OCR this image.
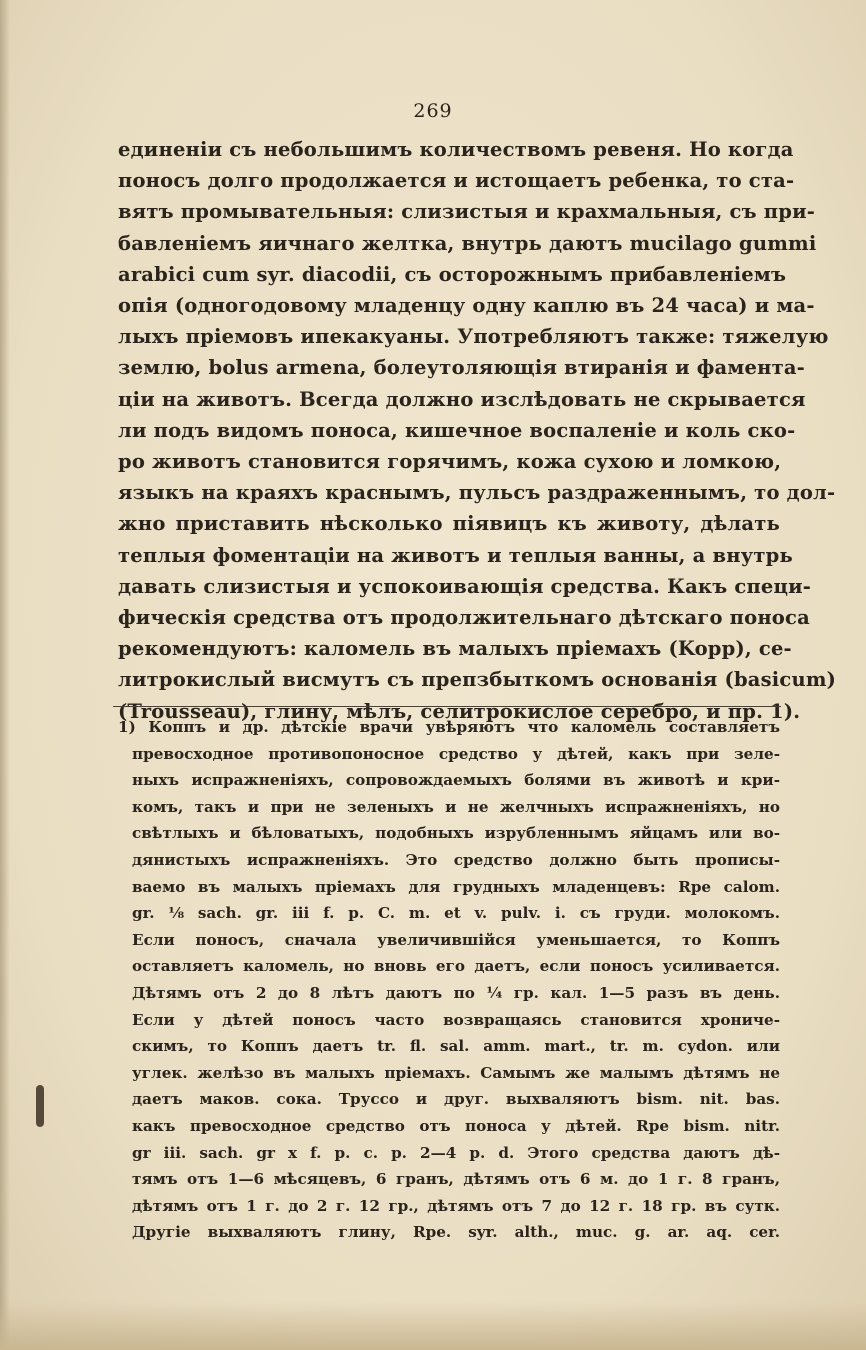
269
единенiи съ небольшимъ количествомъ ревеня. Но когда
поносъ долго продолжается и истощаетъ ребенка, то ста-
вятъ промывательныя: слизистыя и крахмальныя, съ при-
бавленiемъ яичнаго желтка, внутрь даютъ mucilago gummi
arabici cum syr. diacodii, съ осторожнымъ прибавленiемъ
опiя (одногодовому младенцу одну каплю въ 24 часа) и ма-
лыхъ прiемовъ ипекакуаны. Употребляютъ также: тяжелую
землю, bolus armena, болеутоляющiя втиранiя и фамента-
цiи на животъ. Всегда должно изслѣдовать не скрывается
ли подъ видомъ поноса, кишечное воспаленiе и коль ско-
ро животъ становится горячимъ, кожа сухою и ломкою,
языкъ на краяхъ краснымъ, пульсъ раздраженнымъ, то дол-
жно приставить нѣсколько пiявицъ къ животу, дѣлать
теплыя фоментацiи на животъ и теплыя ванны, а внутрь
давать слизистыя и успокоивающiя средства. Какъ специ-
фическiя средства отъ продолжительнаго дѣтскаго поноса
рекомендуютъ: каломель въ малыхъ прiемахъ (Kopp), се-
литрокислый висмутъ съ препзбыткомъ основанiя (basicum)
(Trousseau), глину, мѣлъ, селитрокислое серебро, и пр. 1).
1) Коппъ и др. дѣтскiе врачи увѣряютъ что каломель составляетъ
превосходное противопоносное средство у дѣтей, какъ при зеле-
ныхъ испражненiяхъ, сопровождаемыхъ болями въ животѣ и кри-
комъ, такъ и при не зеленыхъ и не желчныхъ испражненiяхъ, но
свѣтлыхъ и бѣловатыхъ, подобныхъ изрубленнымъ яйцамъ или во-
дянистыхъ испражненiяхъ. Это средство должно быть прописы-
ваемо въ малыхъ прiемахъ для грудныхъ младенцевъ: Rpe calom.
gr. ⅛ sach. gr. iii f. p. C. m. et v. pulv. i. съ груди. молокомъ.
Если поносъ, сначала увеличившiйся уменьшается, то Коппъ
оставляетъ каломель, но вновь его даетъ, если поносъ усиливается.
Дѣтямъ отъ 2 до 8 лѣтъ даютъ по ¼ гр. кал. 1—5 разъ въ день.
Если у дѣтей поносъ часто возвращаясь становится хрониче-
скимъ, то Коппъ даетъ tr. fl. sal. amm. mart., tr. m. cydon. или
углек. желѣзо въ малыхъ прiемахъ. Самымъ же малымъ дѣтямъ не
даетъ маков. сока. Труссо и друг. выхваляютъ bism. nit. bas.
какъ превосходное средство отъ поноса у дѣтей. Rpe bism. nitr.
gr iii. sach. gr x f. p. c. p. 2—4 p. d. Этого средства даютъ дѣ-
тямъ отъ 1—6 мѣсяцевъ, 6 гранъ, дѣтямъ отъ 6 м. до 1 г. 8 гранъ,
дѣтямъ отъ 1 г. до 2 г. 12 гр., дѣтямъ отъ 7 до 12 г. 18 гр. въ сутк.
Другiе выхваляютъ глину, Rpe. syr. alth., muc. g. ar. aq. cer.
